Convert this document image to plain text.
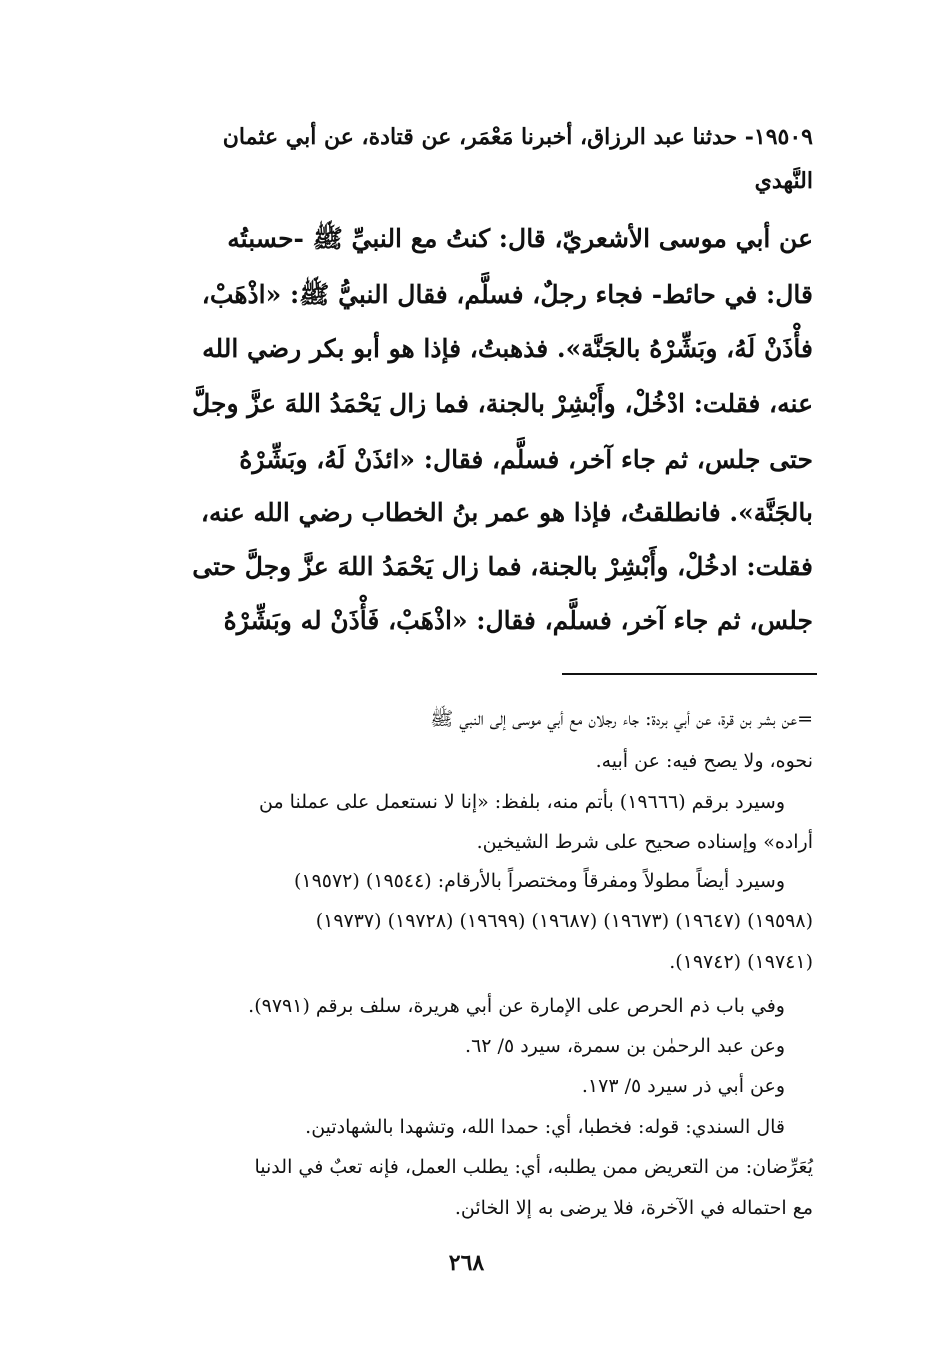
١٩٥٠٩- حدثنا عبد الرزاق، أخبرنا مَعْمَر، عن قتادة، عن أبي عثمان
النَّهدي
عن أبي موسى الأشعريّ، قال: كنتُ مع النبيِّ ﷺ -حسبتُه
قال: في حائط- فجاء رجلٌ، فسلَّم، فقال النبيُّ ﷺ: «اذْهَبْ،
فأْذَنْ لَهُ، وبَشِّرْهُ بالجَنَّة». فذهبتُ، فإذا هو أبو بكر رضي الله
عنه، فقلت: ادْخُلْ، وأَبْشِرْ بالجنة، فما زال يَحْمَدُ اللهَ عزَّ وجلَّ
حتى جلس، ثم جاء آخر، فسلَّم، فقال: «ائذَنْ لَهُ، وبَشِّرْهُ
بالجَنَّة». فانطلقتُ، فإذا هو عمر بنُ الخطاب رضي الله عنه،
فقلت: ادخُلْ، وأَبْشِرْ بالجنة، فما زال يَحْمَدُ اللهَ عزَّ وجلَّ حتى
جلس، ثم جاء آخر، فسلَّم، فقال: «اذْهَبْ، فَأْذَنْ له وبَشِّرْهُ
=عن بشر بن قرة، عن أبي بردة: جاء رجلان مع أبي موسى إلى النبي ﷺ
نحوه، ولا يصح فيه: عن أبيه.
وسيرد برقم (١٩٦٦٦) بأتم منه، بلفظ: «إنا لا نستعمل على عملنا من
أراده» وإسناده صحيح على شرط الشيخين.
وسيرد أيضاً مطولاً ومفرقاً ومختصراً بالأرقام: (١٩٥٤٤) (١٩٥٧٢)
(١٩٥٩٨) (١٩٦٤٧) (١٩٦٧٣) (١٩٦٨٧) (١٩٦٩٩) (١٩٧٢٨) (١٩٧٣٧)
(١٩٧٤١) (١٩٧٤٢).
وفي باب ذم الحرص على الإمارة عن أبي هريرة، سلف برقم (٩٧٩١).
وعن عبد الرحمٰن بن سمرة، سيرد ٥/ ٦٢.
وعن أبي ذر سيرد ٥/ ١٧٣.
قال السندي: قوله: فخطبا، أي: حمدا الله، وتشهدا بالشهادتين.
يُعَرِّضان: من التعريض ممن يطلبه، أي: يطلب العمل، فإنه تعبٌ في الدنيا
مع احتماله في الآخرة، فلا يرضى به إلا الخائن.
٢٦٨
